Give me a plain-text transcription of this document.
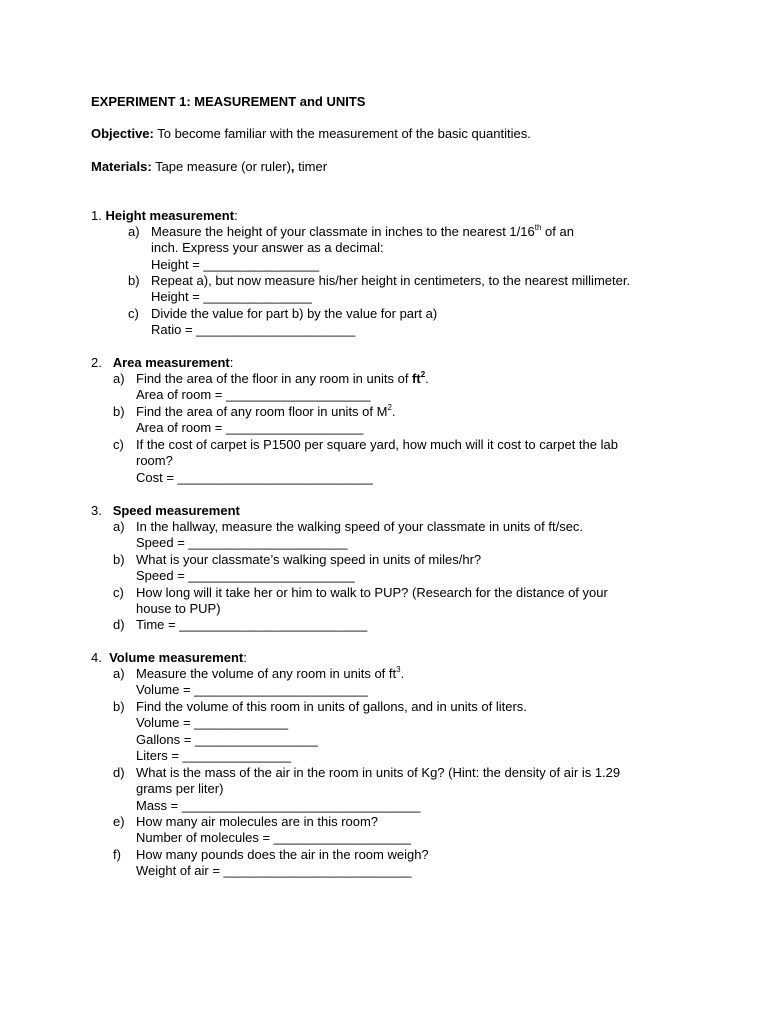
EXPERIMENT 1: MEASUREMENT and UNITS
Objective: To become familiar with the measurement of the basic quantities.
Materials: Tape measure (or ruler), timer
1. Height measurement:
a) Measure the height of your classmate in inches to the nearest 1/16th of an
inch. Express your answer as a decimal:
Height = ________________
b) Repeat a), but now measure his/her height in centimeters, to the nearest millimeter.
Height = _______________
c) Divide the value for part b) by the value for part a)
Ratio = ______________________
2. Area measurement:
a) Find the area of the floor in any room in units of $ft^2$.
Area of room = ____________________
b) Find the area of any room floor in units of $M^2$.
Area of room = ___________________
c) If the cost of carpet is P1500 per square yard, how much will it cost to carpet the lab
room?
Cost = ___________________________
3. Speed measurement
a) In the hallway, measure the walking speed of your classmate in units of ft/sec.
Speed = ______________________
b) What is your classmate’s walking speed in units of miles/hr?
Speed = _______________________
c) How long will it take her or him to walk to PUP? (Research for the distance of your
house to PUP)
d) Time = __________________________
4. Volume measurement:
a) Measure the volume of any room in units of $ft^3$.
Volume = ________________________
b) Find the volume of this room in units of gallons, and in units of liters.
Volume = _____________
Gallons = _________________
Liters = _______________
d) What is the mass of the air in the room in units of Kg? (Hint: the density of air is 1.29
grams per liter)
Mass = _________________________________
e) How many air molecules are in this room?
Number of molecules = ___________________
f) How many pounds does the air in the room weigh?
Weight of air = __________________________
